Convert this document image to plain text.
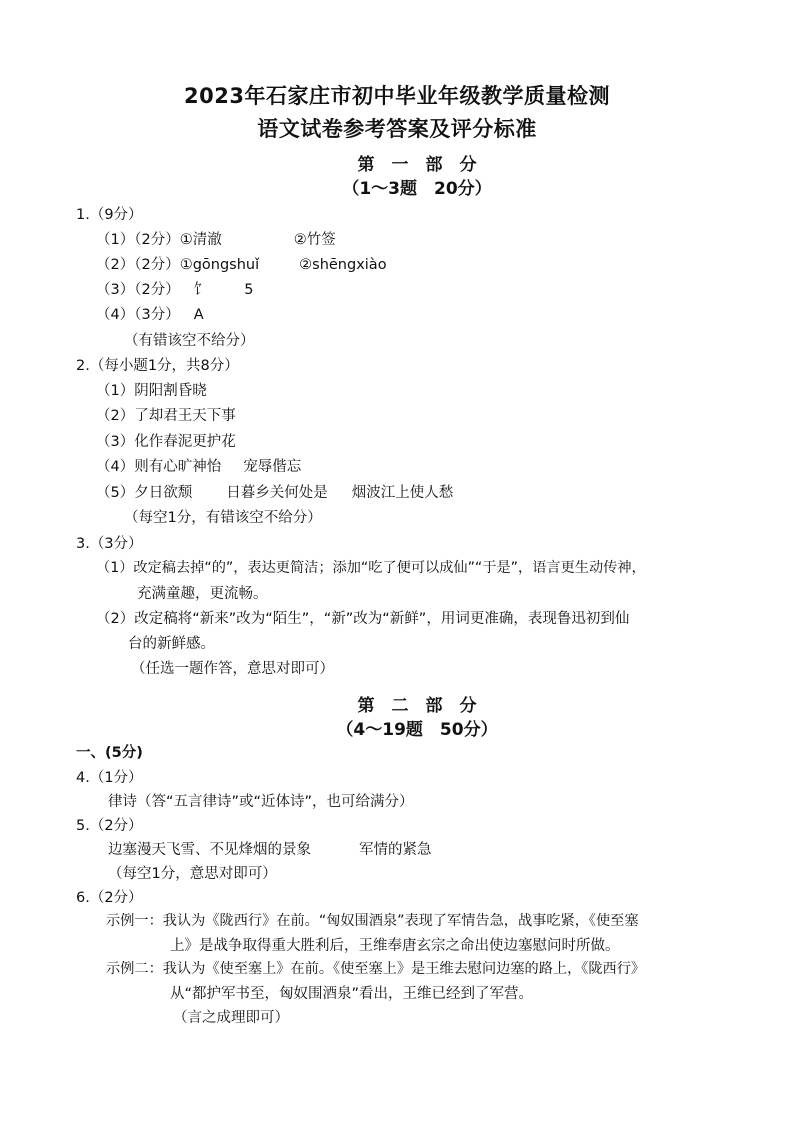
2023年石家庄市初中毕业年级教学质量检测
语文试卷参考答案及评分标准
第　一　部　分
（1～3题　20分）
1.（9分）
（1）（2分）①清澈	②竹签
（2）（2分）①gōngshuǐ	②shēngxiào
（3）（2分） 饣 5
（4）（3分） A
（有错该空不给分）
2.（每小题1分，共8分）
（1）阴阳割昏晓
（2）了却君王天下事
（3）化作春泥更护花
（4）则有心旷神怡 宠辱偕忘
（5）夕日欲颓 日暮乡关何处是 烟波江上使人愁
（每空1分，有错该空不给分）
3.（3分）
（1）改定稿去掉“的”，表达更简洁；添加“吃了便可以成仙”“于是”，语言更生动传神，
充满童趣，更流畅。
（2）改定稿将“新来”改为“陌生”，“新”改为“新鲜”，用词更准确，表现鲁迅初到仙
台的新鲜感。
（任选一题作答，意思对即可）
第　二　部　分
（4～19题　50分）
一、(5分)
4.（1分）
律诗（答“五言律诗”或“近体诗”，也可给满分）
5.（2分）
边塞漫天飞雪、不见烽烟的景象	军情的紧急
（每空1分，意思对即可）
6.（2分）
示例一：我认为《陇西行》在前。“匈奴围酒泉”表现了军情告急，战事吃紧，《使至塞
上》是战争取得重大胜利后，王维奉唐玄宗之命出使边塞慰问时所做。
示例二：我认为《使至塞上》在前。《使至塞上》是王维去慰问边塞的路上，《陇西行》
从“都护军书至，匈奴围酒泉”看出，王维已经到了军营。
（言之成理即可）
